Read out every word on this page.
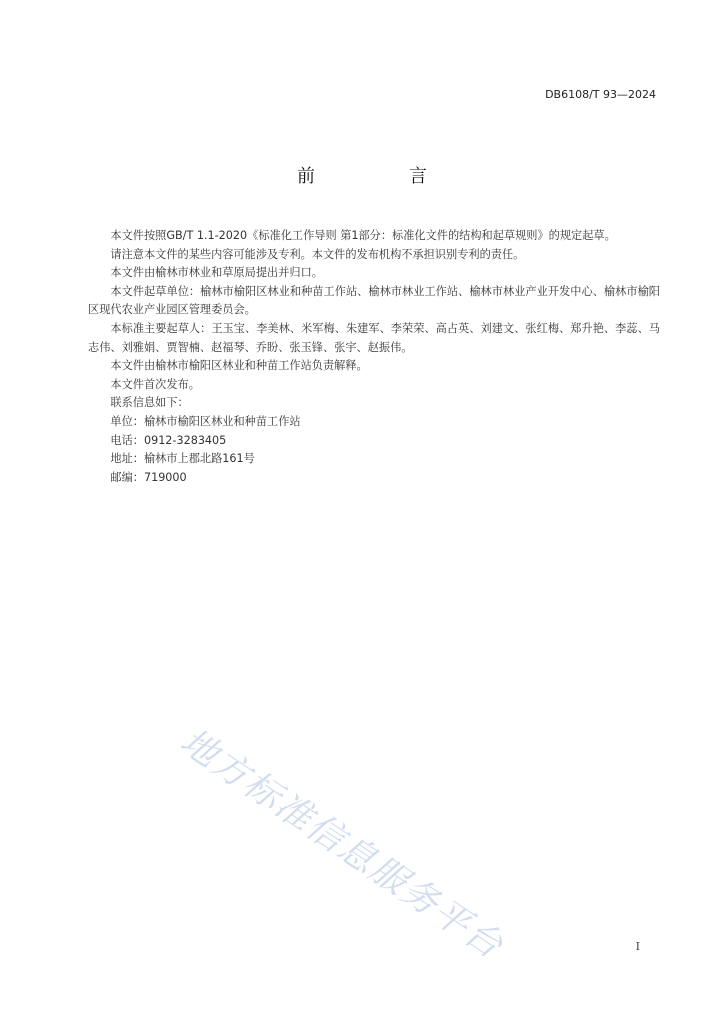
DB6108/T 93—2024
前　言

本文件按照GB/T 1.1-2020《标准化工作导则 第1部分：标准化文件的结构和起草规则》的规定起草。

请注意本文件的某些内容可能涉及专利。本文件的发布机构不承担识别专利的责任。

本文件由榆林市林业和草原局提出并归口。

本文件起草单位：榆林市榆阳区林业和种苗工作站、榆林市林业工作站、榆林市林业产业开发中心、榆林市榆阳区现代农业产业园区管理委员会。

本标准主要起草人：王玉宝、李美林、米军梅、朱建军、李荣荣、高占英、刘建文、张红梅、郑升艳、李蕊、马志伟、刘雅娟、贾智楠、赵福琴、乔盼、张玉锋、张宇、赵振伟。

本文件由榆林市榆阳区林业和种苗工作站负责解释。

本文件首次发布。

联系信息如下：

单位：榆林市榆阳区林业和种苗工作站

电话：0912-3283405

地址：榆林市上郡北路161号

邮编：719000

地方标准信息服务平台	I
